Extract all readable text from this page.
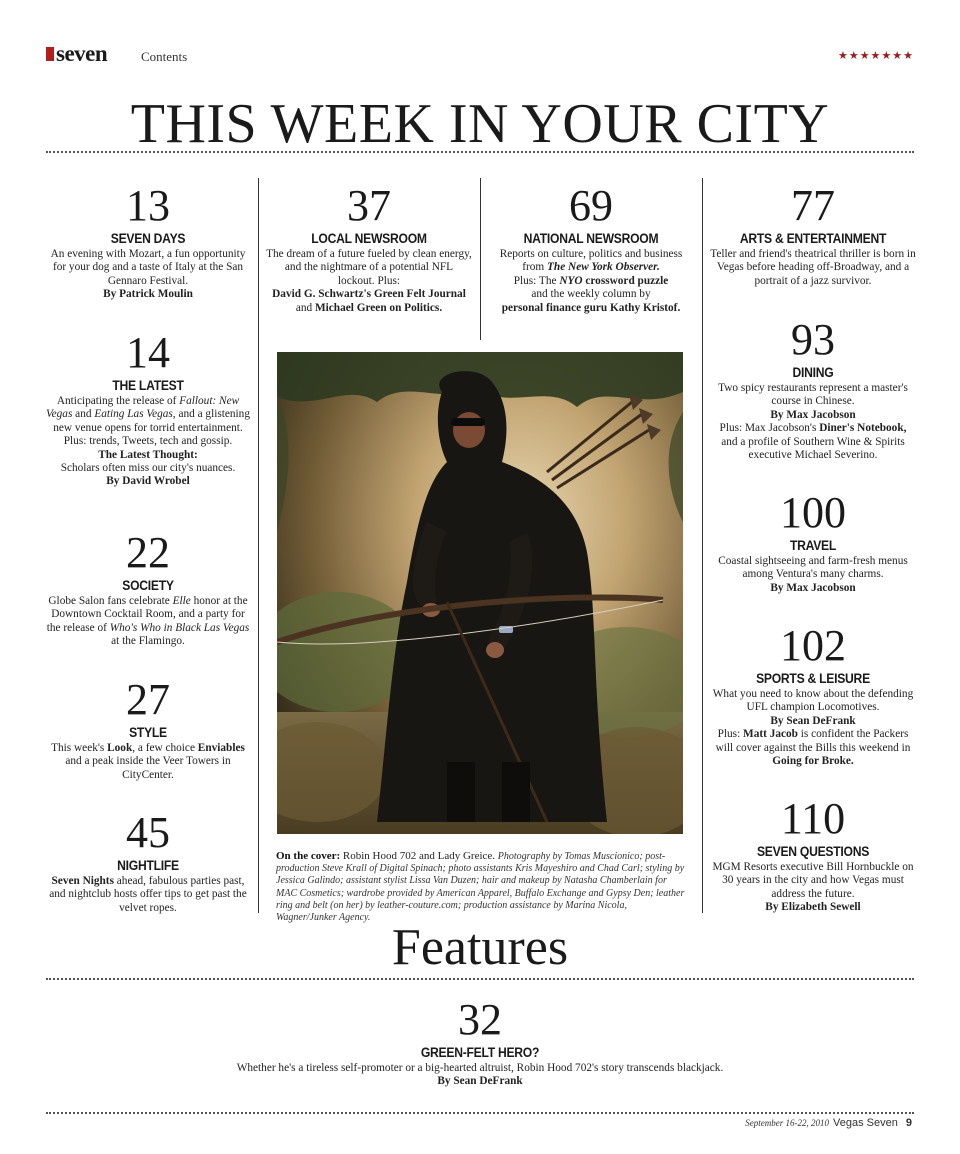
seven	Contents	★★★★★★★
THIS WEEK IN YOUR CITY
13
SEVEN DAYS
An evening with Mozart, a fun opportunity for your dog and a taste of Italy at the San Gennaro Festival.
By Patrick Moulin
14
THE LATEST
Anticipating the release of Fallout: New Vegas and Eating Las Vegas, and a glistening new venue opens for torrid entertainment. Plus: trends, Tweets, tech and gossip.
The Latest Thought:
Scholars often miss our city's nuances.
By David Wrobel
22
SOCIETY
Globe Salon fans celebrate Elle honor at the Downtown Cocktail Room, and a party for the release of Who's Who in Black Las Vegas at the Flamingo.
27
STYLE
This week's Look, a few choice Enviables and a peak inside the Veer Towers in CityCenter.
45
NIGHTLIFE
Seven Nights ahead, fabulous parties past, and nightclub hosts offer tips to get past the velvet ropes.
37
LOCAL NEWSROOM
The dream of a future fueled by clean energy, and the nightmare of a potential NFL lockout. Plus:
David G. Schwartz's Green Felt Journal and Michael Green on Politics.
69
NATIONAL NEWSROOM
Reports on culture, politics and business from The New York Observer.
Plus: The NYO crossword puzzle
and the weekly column by
personal finance guru Kathy Kristof.
77
ARTS & ENTERTAINMENT
Teller and friend's theatrical thriller is born in Vegas before heading off-Broadway, and a portrait of a jazz survivor.
93
DINING
Two spicy restaurants represent a master's course in Chinese.
By Max Jacobson
Plus: Max Jacobson's Diner's Notebook, and a profile of Southern Wine & Spirits executive Michael Severino.
100
TRAVEL
Coastal sightseeing and farm-fresh menus among Ventura's many charms.
By Max Jacobson
102
SPORTS & LEISURE
What you need to know about the defending UFL champion Locomotives.
By Sean DeFrank
Plus: Matt Jacob is confident the Packers will cover against the Bills this weekend in Going for Broke.
110
SEVEN QUESTIONS
MGM Resorts executive Bill Hornbuckle on 30 years in the city and how Vegas must address the future.
By Elizabeth Sewell
On the cover: Robin Hood 702 and Lady Greice. Photography by Tomas Muscionico; post-production Steve Krall of Digital Spinach; photo assistants Kris Mayeshiro and Chad Carl; styling by Jessica Galindo; assistant stylist Lissa Van Duzen; hair and makeup by Natasha Chamberlain for MAC Cosmetics; wardrobe provided by American Apparel, Buffalo Exchange and Gypsy Den; leather ring and belt (on her) by leather-couture.com; production assistance by Marina Nicola, Wagner/Junker Agency.
Features
32
GREEN-FELT HERO?
Whether he's a tireless self-promoter or a big-hearted altruist, Robin Hood 702's story transcends blackjack.
By Sean DeFrank
September 16-22, 2010 Vegas Seven 9
